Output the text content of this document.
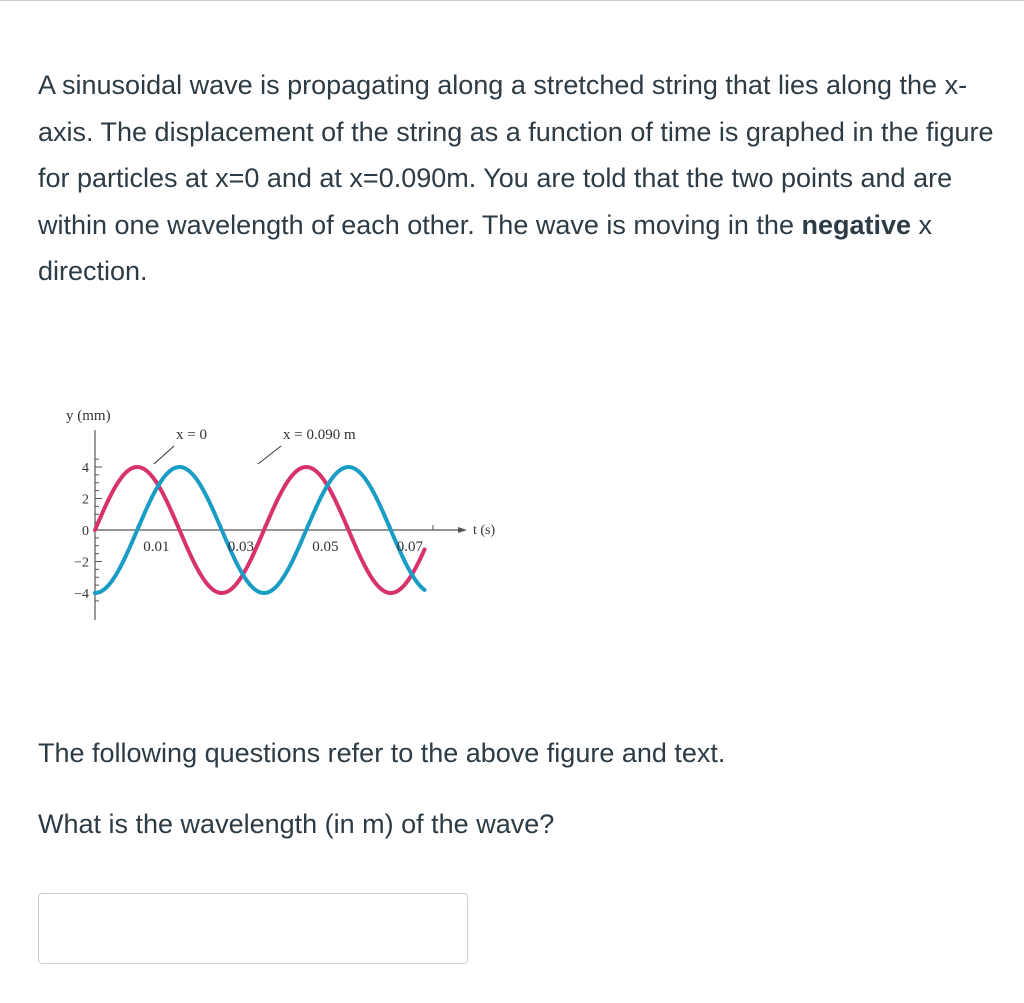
A sinusoidal wave is propagating along a stretched string that lies along the x-axis. The displacement of the string as a function of time is graphed in the figure for particles at x=0 and at x=0.090m. You are told that the two points and are within one wavelength of each other. The wave is moving in the negative x direction.
4
2
0
−2
−4
0.01	0.03	0.05	0.07
y (mm)
t (s)
x = 0	x = 0.090 m
The following questions refer to the above figure and text.
What is the wavelength (in m) of the wave?
